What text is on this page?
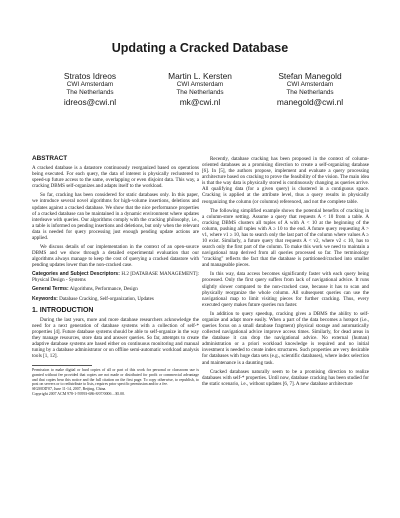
Updating a Cracked Database
Stratos Idreos
CWI Amsterdam
The Netherlands
idreos@cwi.nl
Martin L. Kersten
CWI Amsterdam
The Netherlands
mk@cwi.nl
Stefan Manegold
CWI Amsterdam
The Netherlands
manegold@cwi.nl
ABSTRACT

A cracked database is a datastore continuously reorganized based on operations being executed. For each query, the data of interest is physically reclustered to speed-up future access to the same, overlapping or even disjoint data. This way, a cracking DBMS self-organizes and adapts itself to the workload.

So far, cracking has been considered for static databases only. In this paper, we introduce several novel algorithms for high-volume insertions, deletions and updates against a cracked database. We show that the nice performance properties of a cracked database can be maintained in a dynamic environment where updates interleave with queries. Our algorithms comply with the cracking philosophy, i.e., a table is informed on pending insertions and deletions, but only when the relevant data is needed for query processing just enough pending update actions are applied.

We discuss details of our implementation in the context of an open-source DBMS and we show through a detailed experimental evaluation that our algorithms always manage to keep the cost of querying a cracked datastore with pending updates lower than the non-cracked case.

Categories and Subject Descriptors: H.2 [DATABASE MANAGEMENT]: Physical Design - Systems
General Terms: Algorithms, Performance, Design
Keywords: Database Cracking, Self-organization, Updates
1. INTRODUCTION

During the last years, more and more database researchers acknowledge the need for a next generation of database systems with a collection of self-* properties [4]. Future database systems should be able to self-organize in the way they manage resources, store data and answer queries. So far, attempts to create adaptive database systems are based either on continuous monitoring and manual tuning by a database administrator or on offline semi-automatic workload analysis tools [1, 12].

Permission to make digital or hard copies of all or part of this work for personal or classroom use is granted without fee provided that copies are not made or distributed for profit or commercial advantage and that copies bear this notice and the full citation on the first page. To copy otherwise, to republish, to post on servers or to redistribute to lists, requires prior specific permission and/or a fee.

SIGMOD'07, June 11-14, 2007, Beijing, China.

Copyright 2007 ACM 978-1-59593-686-8/07/0006 ...$5.00.

Recently, database cracking has been proposed in the context of column-oriented databases as a promising direction to create a self-organizing database [6]. In [5], the authors propose, implement and evaluate a query processing architecture based on cracking to prove the feasibility of the vision. The main idea is that the way data is physically stored is continuously changing as queries arrive. All qualifying data (for a given query) is clustered in a contiguous space. Cracking is applied at the attribute level, thus a query results in physically reorganizing the column (or columns) referenced, and not the complete table.

The following simplified example shows the potential benefits of cracking in a column-store setting. Assume a query that requests A < 10 from a table. A cracking DBMS clusters all tuples of A with A < 10 at the beginning of the column, pushing all tuples with A ≥ 10 to the end. A future query requesting A > v1, where v1 ≥ 10, has to search only the last part of the column where values A ≥ 10 exist. Similarly, a future query that requests A < v2, where v2 ≤ 10, has to search only the first part of the column. To make this work we need to maintain a navigational map derived from all queries processed so far. The terminology "cracking" reflects the fact that the database is partitioned/cracked into smaller and manageable pieces.

In this way, data access becomes significantly faster with each query being processed. Only the first query suffers from lack of navigational advice. It runs slightly slower compared to the non-cracked case, because it has to scan and physically reorganize the whole column. All subsequent queries can use the navigational map to limit visiting pieces for further cracking. Thus, every executed query makes future queries run faster.

In addition to query speedup, cracking gives a DBMS the ability to self-organize and adapt more easily. When a part of the data becomes a hotspot (i.e., queries focus on a small database fragment) physical storage and automatically collected navigational advice improve access times. Similarly, for dead areas in the database it can drop the navigational advice. No external (human) administration or a priori workload knowledge is required and no initial investment is needed to create index structures. Such properties are very desirable for databases with huge data sets (e.g., scientific databases), where index selection and maintenance is a daunting task.

Cracked databases naturally seem to be a promising direction to realize databases with self-* properties. Until now, database cracking has been studied for the static scenario, i.e., without updates [6, 7]. A new database architecture
